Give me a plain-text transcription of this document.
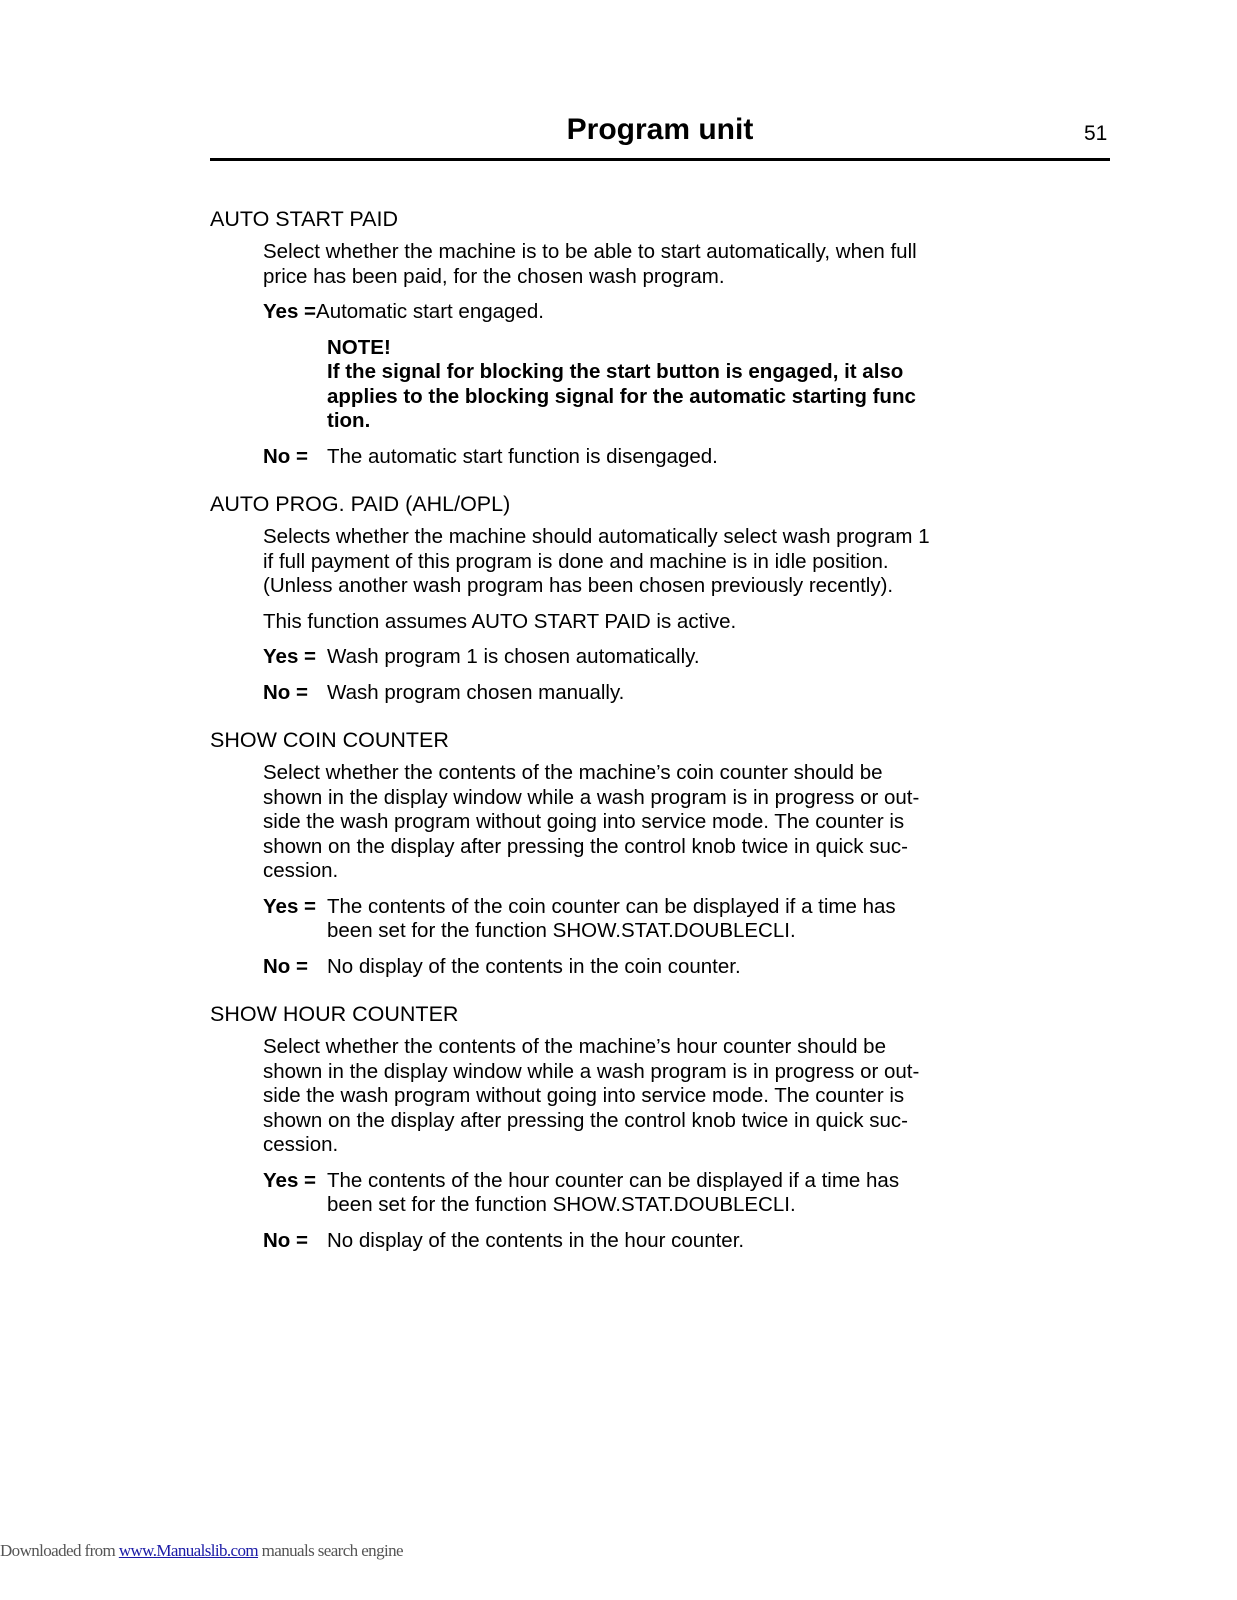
Program unit	51
AUTO START PAID

Select whether the machine is to be able to start automatically, when full price has been paid, for the chosen wash program.

Yes =Automatic start engaged.
NOTE!
If the signal for blocking the start button is engaged, it also applies to the blocking signal for the automatic starting func tion.
No = The automatic start function is disengaged.
AUTO PROG. PAID (AHL/OPL)

Selects whether the machine should automatically select wash program 1 if full payment of this program is done and machine is in idle position. (Unless another wash program has been chosen previously recently).

This function assumes AUTO START PAID is active.

Yes = Wash program 1 is chosen automatically.
No = Wash program chosen manually.
SHOW COIN COUNTER

Select whether the contents of the machine’s coin counter should be shown in the display window while a wash program is in progress or out-side the wash program without going into service mode. The counter is shown on the display after pressing the control knob twice in quick suc-cession.

Yes = The contents of the coin counter can be displayed if a time has been set for the function SHOW.STAT.DOUBLECLI.
No = No display of the contents in the coin counter.
SHOW HOUR COUNTER

Select whether the contents of the machine’s hour counter should be shown in the display window while a wash program is in progress or out-side the wash program without going into service mode. The counter is shown on the display after pressing the control knob twice in quick suc-cession.

Yes = The contents of the hour counter can be displayed if a time has been set for the function SHOW.STAT.DOUBLECLI.
No = No display of the contents in the hour counter.
Downloaded from www.Manualslib.com manuals search engine
